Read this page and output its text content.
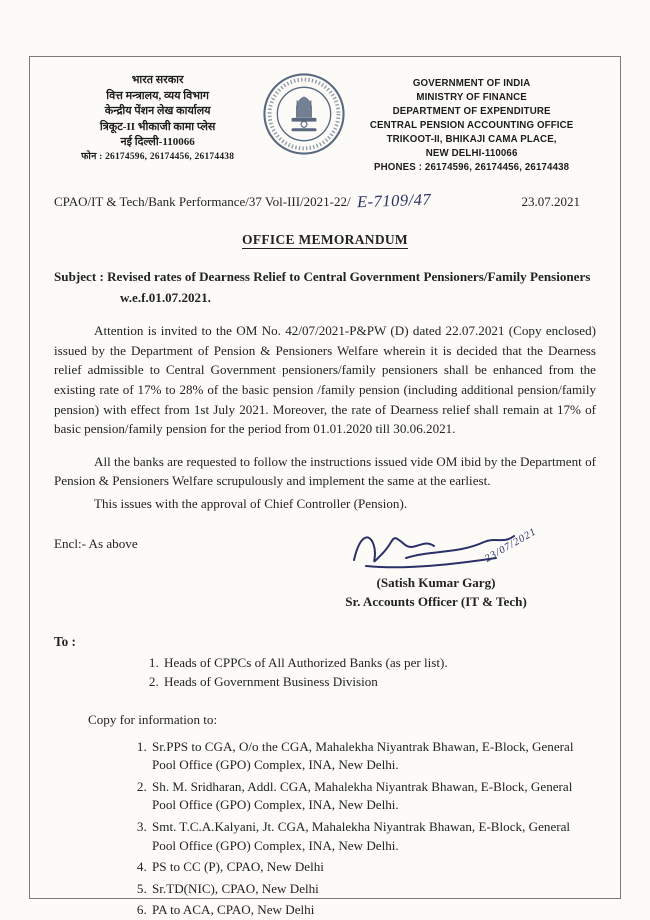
भारत सरकार
वित्त मन्त्रालय, व्यय विभाग
केन्द्रीय पेंशन लेख कार्यालय
त्रिकूट-II भीकाजी कामा प्लेस
नई दिल्ली-110066
फोन : 26174596, 26174456, 26174438
GOVERNMENT OF INDIA
MINISTRY OF FINANCE
DEPARTMENT OF EXPENDITURE
CENTRAL PENSION ACCOUNTING OFFICE
TRIKOOT-II, BHIKAJI CAMA PLACE,
NEW DELHI-110066
PHONES : 26174596, 26174456, 26174438
CPAO/IT & Tech/Bank Performance/37 Vol-III/2021-22/ E-7109/47	23.07.2021
OFFICE MEMORANDUM
Subject : Revised rates of Dearness Relief to Central Government Pensioners/Family Pensioners w.e.f.01.07.2021.

Attention is invited to the OM No. 42/07/2021-P&PW (D) dated 22.07.2021 (Copy enclosed) issued by the Department of Pension & Pensioners Welfare wherein it is decided that the Dearness relief admissible to Central Government pensioners/family pensioners shall be enhanced from the existing rate of 17% to 28% of the basic pension /family pension (including additional pension/family pension) with effect from 1st July 2021. Moreover, the rate of Dearness relief shall remain at 17% of basic pension/family pension for the period from 01.01.2020 till 30.06.2021.

All the banks are requested to follow the instructions issued vide OM ibid by the Department of Pension & Pensioners Welfare scrupulously and implement the same at the earliest.

This issues with the approval of Chief Controller (Pension).

Encl:- As above	23/07/2021
(Satish Kumar Garg)
Sr. Accounts Officer (IT & Tech)
To :
1. Heads of CPPCs of All Authorized Banks (as per list).
2. Heads of Government Business Division
Copy for information to:
1. Sr.PPS to CGA, O/o the CGA, Mahalekha Niyantrak Bhawan, E-Block, General Pool Office (GPO) Complex, INA, New Delhi.
2. Sh. M. Sridharan, Addl. CGA, Mahalekha Niyantrak Bhawan, E-Block, General Pool Office (GPO) Complex, INA, New Delhi.
3. Smt. T.C.A.Kalyani, Jt. CGA, Mahalekha Niyantrak Bhawan, E-Block, General Pool Office (GPO) Complex, INA, New Delhi.
4. PS to CC (P), CPAO, New Delhi
5. Sr.TD(NIC), CPAO, New Delhi
6. PA to ACA, CPAO, New Delhi
